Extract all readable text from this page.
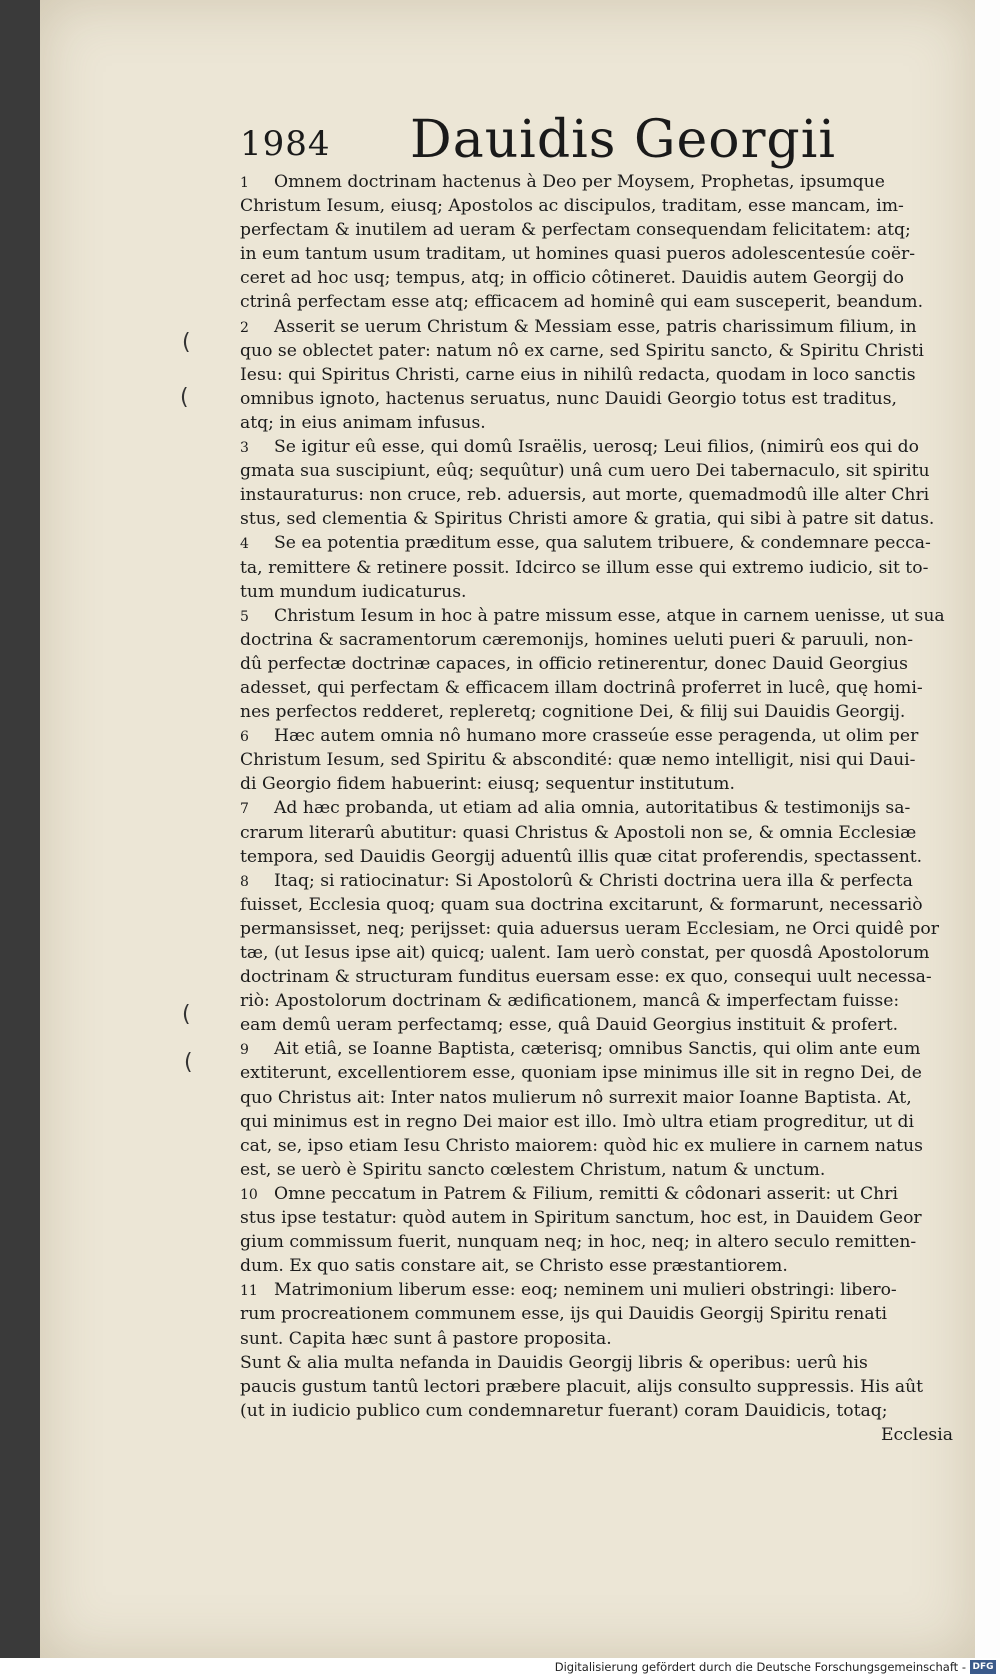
1984 Dauidis Georgii
1 Omnem doctrinam hactenus à Deo per Moysem, Prophetas, ipsumque
Christum Iesum, eiusq; Apostolos ac discipulos, traditam, esse mancam, im-
perfectam & inutilem ad ueram & perfectam consequendam felicitatem: atq;
in eum tantum usum traditam, ut homines quasi pueros adolescentesúe coër-
ceret ad hoc usq; tempus, atq; in officio côtineret. Dauidis autem Georgij do
ctrinâ perfectam esse atq; efficacem ad hominê qui eam susceperit, beandum.
2 Asserit se uerum Christum & Messiam esse, patris charissimum filium, in
quo se oblectet pater: natum nô ex carne, sed Spiritu sancto, & Spiritu Christi
Iesu: qui Spiritus Christi, carne eius in nihilû redacta, quodam in loco sanctis
omnibus ignoto, hactenus seruatus, nunc Dauidi Georgio totus est traditus,
atq; in eius animam infusus.
3 Se igitur eû esse, qui domû Israëlis, uerosq; Leui filios, (nimirû eos qui do
gmata sua suscipiunt, eûq; sequûtur) unâ cum uero Dei tabernaculo, sit spiritu
instauraturus: non cruce, reb. aduersis, aut morte, quemadmodû ille alter Chri
stus, sed clementia & Spiritus Christi amore & gratia, qui sibi à patre sit datus.
4 Se ea potentia præditum esse, qua salutem tribuere, & condemnare pecca-
ta, remittere & retinere possit. Idcirco se illum esse qui extremo iudicio, sit to-
tum mundum iudicaturus.
5 Christum Iesum in hoc à patre missum esse, atque in carnem uenisse, ut sua
doctrina & sacramentorum cæremonijs, homines ueluti pueri & paruuli, non-
dû perfectæ doctrinæ capaces, in officio retinerentur, donec Dauid Georgius
adesset, qui perfectam & efficacem illam doctrinâ proferret in lucê, quę homi-
nes perfectos redderet, repleretq; cognitione Dei, & filij sui Dauidis Georgij.
6 Hæc autem omnia nô humano more crasseúe esse peragenda, ut olim per
Christum Iesum, sed Spiritu & abscondité: quæ nemo intelligit, nisi qui Daui-
di Georgio fidem habuerint: eiusq; sequentur institutum.
7 Ad hæc probanda, ut etiam ad alia omnia, autoritatibus & testimonijs sa-
crarum literarû abutitur: quasi Christus & Apostoli non se, & omnia Ecclesiæ
tempora, sed Dauidis Georgij aduentû illis quæ citat proferendis, spectassent.
8 Itaq; si ratiocinatur: Si Apostolorû & Christi doctrina uera illa & perfecta
fuisset, Ecclesia quoq; quam sua doctrina excitarunt, & formarunt, necessariò
permansisset, neq; perijsset: quia aduersus ueram Ecclesiam, ne Orci quidê por
tæ, (ut Iesus ipse ait) quicq; ualent. Iam uerò constat, per quosdâ Apostolorum
doctrinam & structuram funditus euersam esse: ex quo, consequi uult necessa-
riò: Apostolorum doctrinam & ædificationem, mancâ & imperfectam fuisse:
eam demû ueram perfectamq; esse, quâ Dauid Georgius instituit & profert.
9 Ait etiâ, se Ioanne Baptista, cæterisq; omnibus Sanctis, qui olim ante eum
extiterunt, excellentiorem esse, quoniam ipse minimus ille sit in regno Dei, de
quo Christus ait: Inter natos mulierum nô surrexit maior Ioanne Baptista. At,
qui minimus est in regno Dei maior est illo. Imò ultra etiam progreditur, ut di
cat, se, ipso etiam Iesu Christo maiorem: quòd hic ex muliere in carnem natus
est, se uerò è Spiritu sancto cœlestem Christum, natum & unctum.
10 Omne peccatum in Patrem & Filium, remitti & côdonari asserit: ut Chri
stus ipse testatur: quòd autem in Spiritum sanctum, hoc est, in Dauidem Geor
gium commissum fuerit, nunquam neq; in hoc, neq; in altero seculo remitten-
dum. Ex quo satis constare ait, se Christo esse præstantiorem.
11 Matrimonium liberum esse: eoq; neminem uni mulieri obstringi: libero-
rum procreationem communem esse, ijs qui Dauidis Georgij Spiritu renati
sunt. Capita hæc sunt â pastore proposita.
Sunt & alia multa nefanda in Dauidis Georgij libris & operibus: uerû his
paucis gustum tantû lectori præbere placuit, alijs consulto suppressis. His aût
(ut in iudicio publico cum condemnaretur fuerant) coram Dauidicis, totaq;
Ecclesia
(
(
(
(
Digitalisierung gefördert durch die Deutsche Forschungsgemeinschaft - DFG
